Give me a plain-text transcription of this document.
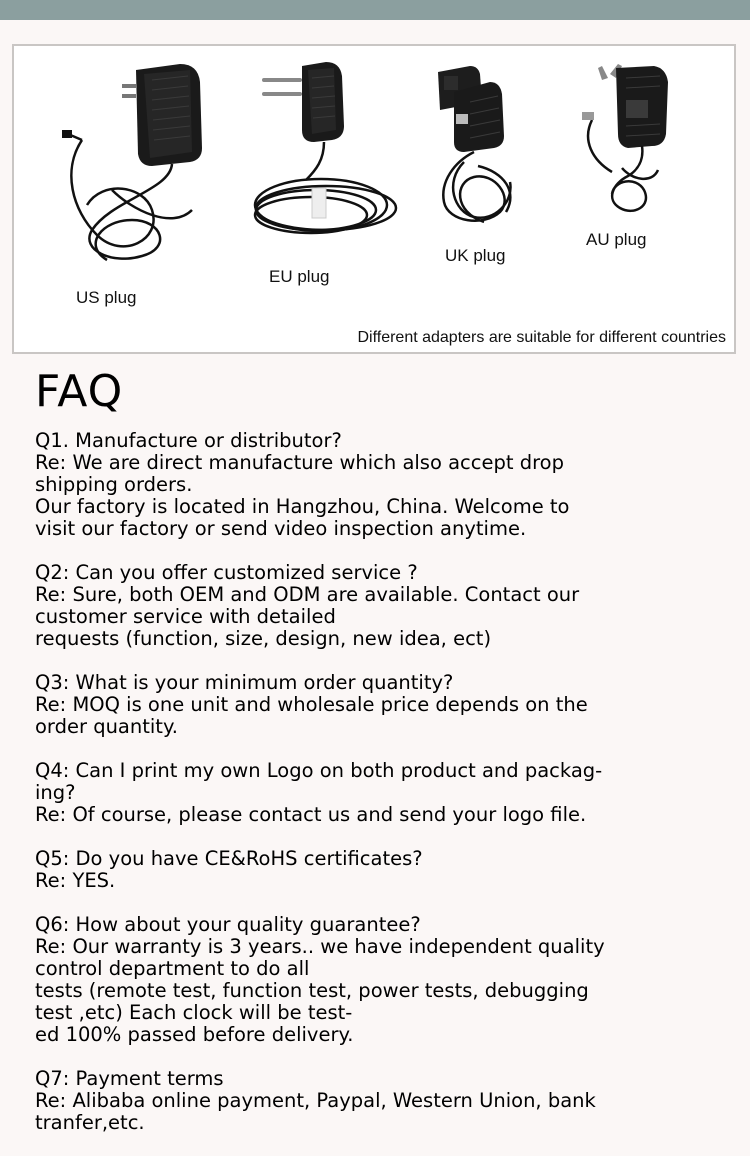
US plug
EU plug
UK plug
AU plug
Different adapters are suitable for different countries
FAQ
Q1. Manufacture or distributor?
Re: We are direct manufacture which also accept drop
shipping orders.
Our factory is located in Hangzhou, China. Welcome to
visit our factory or send video inspection anytime.
Q2: Can you offer customized service ?
Re: Sure, both OEM and ODM are available. Contact our
customer service with detailed
requests (function, size, design, new idea, ect)
Q3: What is your minimum order quantity?
Re: MOQ is one unit and wholesale price depends on the
order quantity.
Q4: Can I print my own Logo on both product and packag-
ing?
Re: Of course, please contact us and send your logo file.
Q5: Do you have CE&RoHS certificates?
Re: YES.
Q6: How about your quality guarantee?
Re: Our warranty is 3 years.. we have independent quality
control department to do all
tests (remote test, function test, power tests, debugging
test ,etc) Each clock will be test-
ed 100% passed before delivery.
Q7: Payment terms
Re: Alibaba online payment, Paypal, Western Union, bank
tranfer,etc.
